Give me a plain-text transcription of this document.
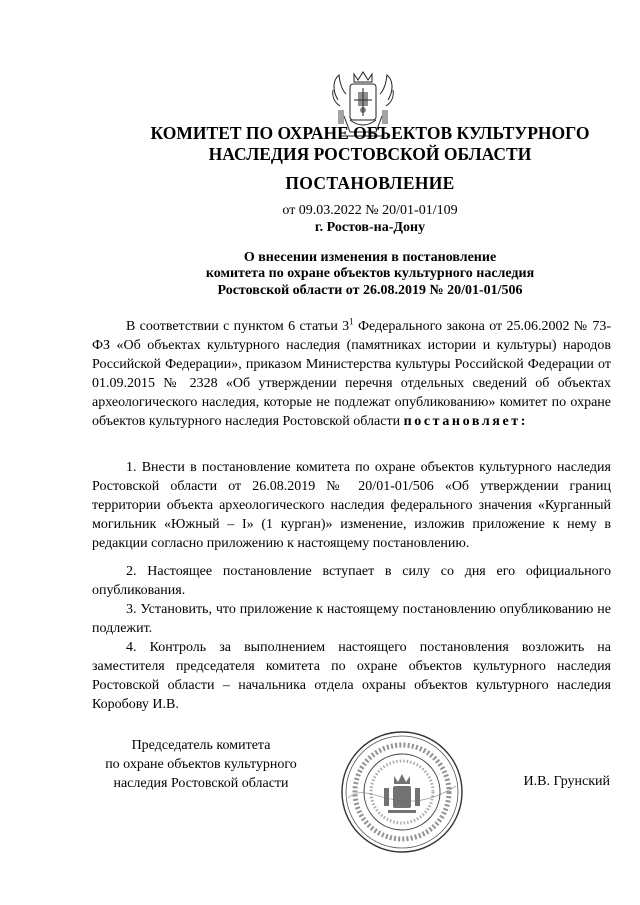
КОМИТЕТ ПО ОХРАНЕ ОБЪЕКТОВ КУЛЬТУРНОГО
НАСЛЕДИЯ РОСТОВСКОЙ ОБЛАСТИ
ПОСТАНОВЛЕНИЕ
от 09.03.2022 № 20/01-01/109
г. Ростов-на-Дону
О внесении изменения в постановление
комитета по охране объектов культурного наследия
Ростовской области от 26.08.2019 № 20/01-01/506

В соответствии с пунктом 6 статьи $3^1$ Федерального закона от 25.06.2002 № 73-ФЗ «Об объектах культурного наследия (памятниках истории и культуры) народов Российской Федерации», приказом Министерства культуры Российской Федерации от 01.09.2015 № 2328 «Об утверждении перечня отдельных сведений об объектах археологического наследия, которые не подлежат опубликованию» комитет по охране объектов культурного наследия Ростовской области постановляет:

1. Внести в постановление комитета по охране объектов культурного наследия Ростовской области от 26.08.2019 № 20/01-01/506 «Об утверждении границ территории объекта археологического наследия федерального значения «Курганный могильник «Южный – I» (1 курган)» изменение, изложив приложение к нему в редакции согласно приложению к настоящему постановлению.

2. Настоящее постановление вступает в силу со дня его официального опубликования.

3. Установить, что приложение к настоящему постановлению опубликованию не подлежит.

4. Контроль за выполнением настоящего постановления возложить на заместителя председателя комитета по охране объектов культурного наследия Ростовской области – начальника отдела охраны объектов культурного наследия Коробову И.В.

Председатель комитета
по охране объектов культурного
наследия Ростовской области	И.В. Грунский
